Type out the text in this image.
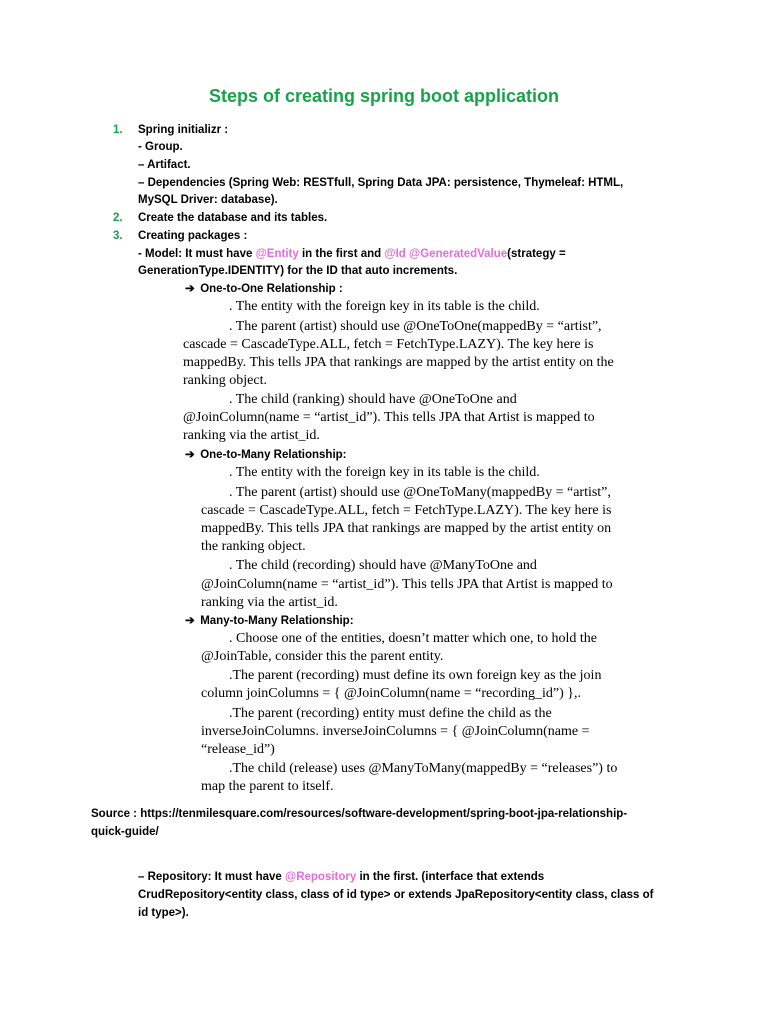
Steps of creating spring boot application
1. Spring initializr :
- Group.
– Artifact.
– Dependencies (Spring Web: RESTfull, Spring Data JPA: persistence, Thymeleaf: HTML,
MySQL Driver: database).
2. Create the database and its tables.
3. Creating packages :
- Model: It must have @Entity in the first and @Id @GeneratedValue(strategy =
GenerationType.IDENTITY) for the ID that auto increments.
➔ One-to-One Relationship :
. The entity with the foreign key in its table is the child.
. The parent (artist) should use @OneToOne(mappedBy = “artist”,
cascade = CascadeType.ALL, fetch = FetchType.LAZY). The key here is
mappedBy. This tells JPA that rankings are mapped by the artist entity on the
ranking object.
. The child (ranking) should have @OneToOne and
@JoinColumn(name = “artist_id”). This tells JPA that Artist is mapped to
ranking via the artist_id.
➔ One-to-Many Relationship:
. The entity with the foreign key in its table is the child.
. The parent (artist) should use @OneToMany(mappedBy = “artist”,
cascade = CascadeType.ALL, fetch = FetchType.LAZY). The key here is
mappedBy. This tells JPA that rankings are mapped by the artist entity on
the ranking object.
. The child (recording) should have @ManyToOne and
@JoinColumn(name = “artist_id”). This tells JPA that Artist is mapped to
ranking via the artist_id.
➔ Many-to-Many Relationship:
. Choose one of the entities, doesn’t matter which one, to hold the
@JoinTable, consider this the parent entity.
.The parent (recording) must define its own foreign key as the join
column joinColumns = { @JoinColumn(name = “recording_id”) },.
.The parent (recording) entity must define the child as the
inverseJoinColumns. inverseJoinColumns = { @JoinColumn(name =
“release_id”)
.The child (release) uses @ManyToMany(mappedBy = “releases”) to
map the parent to itself.
Source : https://tenmilesquare.com/resources/software-development/spring-boot-jpa-relationship-
quick-guide/
– Repository: It must have @Repository in the first. (interface that extends
CrudRepository<entity class, class of id type> or extends JpaRepository<entity class, class of
id type>).
